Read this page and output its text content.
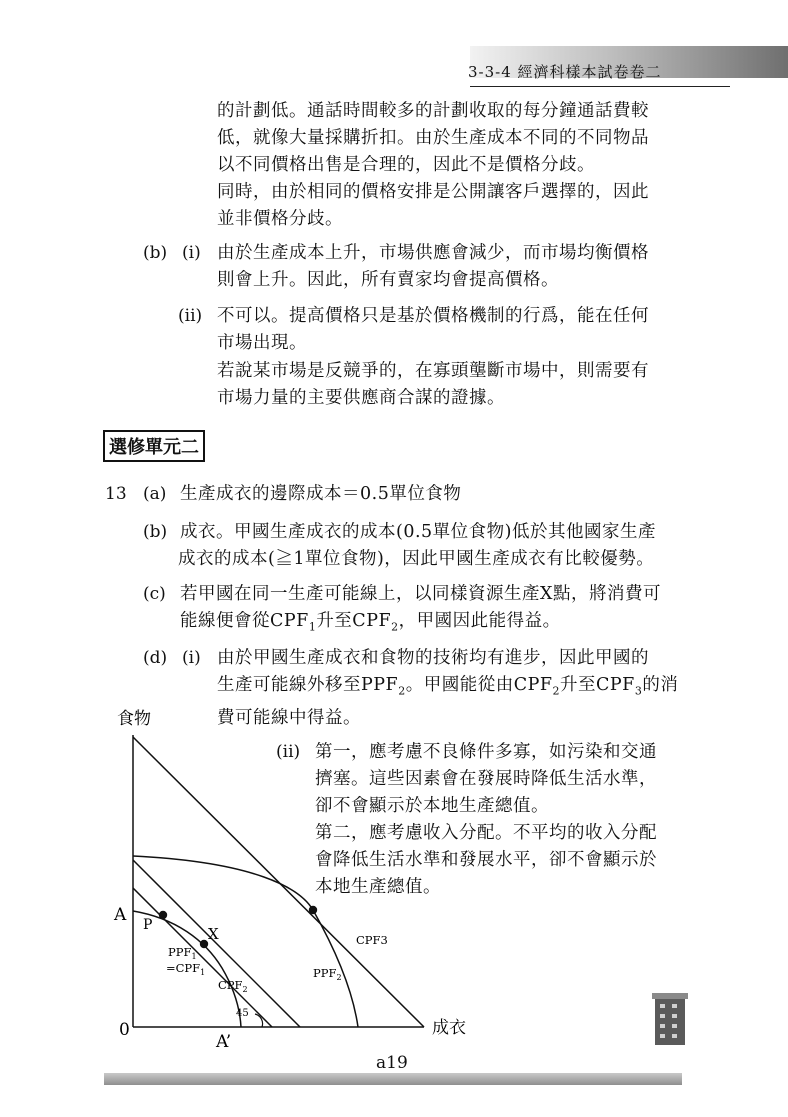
3-3-4 經濟科樣本試卷卷二
的計劃低。通話時間較多的計劃收取的每分鐘通話費較
低，就像大量採購折扣。由於生產成本不同的不同物品
以不同價格出售是合理的，因此不是價格分歧。
同時，由於相同的價格安排是公開讓客戶選擇的，因此
並非價格分歧。
(b) (i) 由於生產成本上升，市場供應會減少，而市場均衡價格
則會上升。因此，所有賣家均會提高價格。
(ii) 不可以。提高價格只是基於價格機制的行爲，能在任何
市場出現。
若說某市場是反競爭的，在寡頭壟斷市場中，則需要有
市場力量的主要供應商合謀的證據。
選修單元二
13 (a) 生產成衣的邊際成本＝0.5單位食物
(b) 成衣。甲國生產成衣的成本(0.5單位食物)低於其他國家生產
成衣的成本(≧1單位食物)，因此甲國生產成衣有比較優勢。
(c) 若甲國在同一生產可能線上，以同樣資源生產X點，將消費可
能線便會從$CPF_1$升至$CPF_2$，甲國因此能得益。
(d) (i) 由於甲國生產成衣和食物的技術均有進步，因此甲國的
生產可能線外移至$PPF_2$。甲國能從由$CPF_2$升至$CPF_3$的消
費可能線中得益。
(ii) 第一，應考慮不良條件多寡，如污染和交通
擠塞。這些因素會在發展時降低生活水準，
卻不會顯示於本地生產總值。
第二，應考慮收入分配。不平均的收入分配
會降低生活水準和發展水平，卻不會顯示於
本地生產總值。
食物
成衣
0
A
A’
P	X
$PPF_1$
$=CPF_1$
$CPF_2$
CPF3
$PPF_2$
45
a19
